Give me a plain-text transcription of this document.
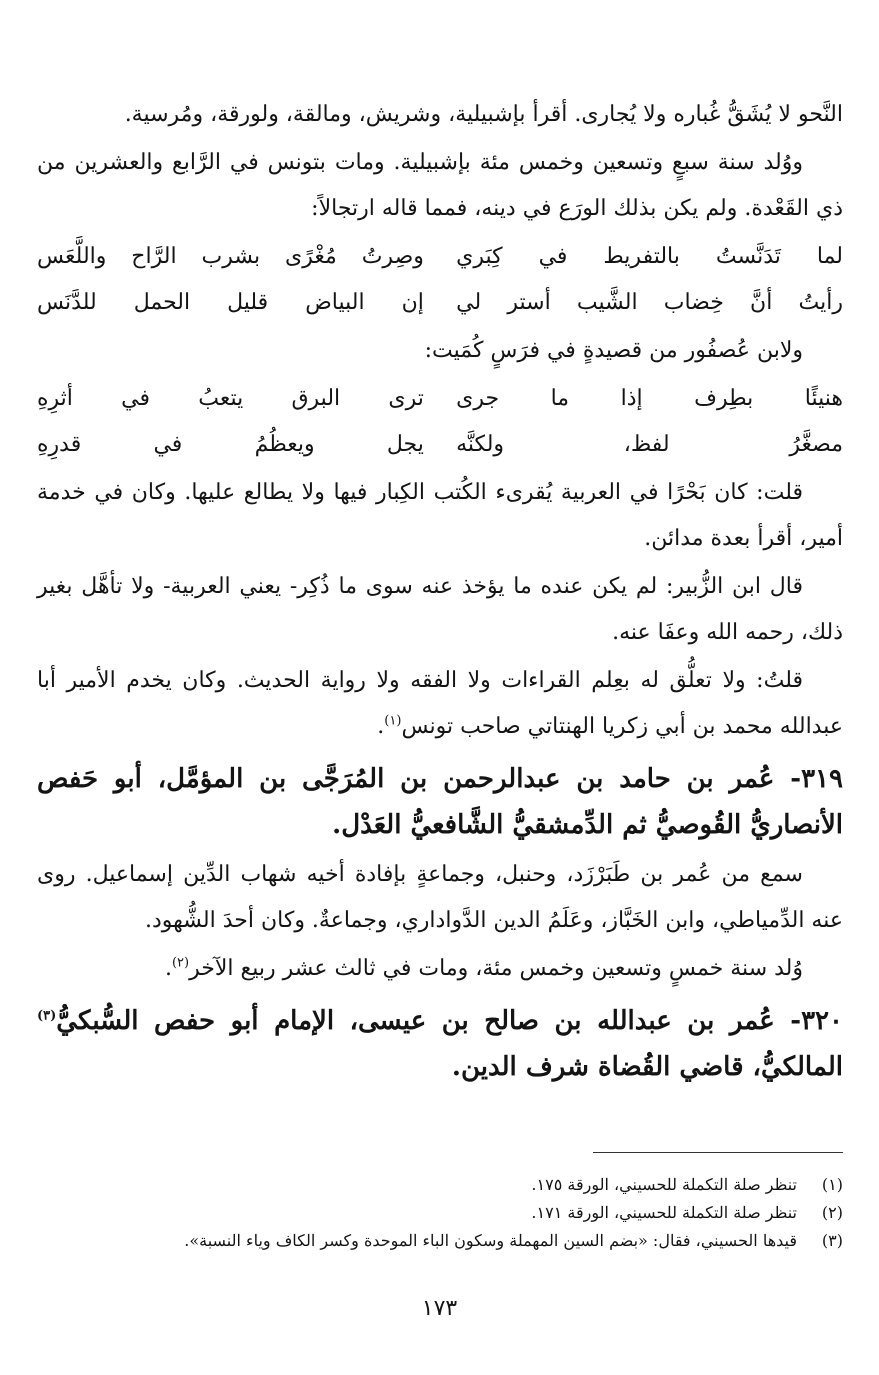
النَّحو لا يُشَقُّ غُباره ولا يُجارى. أقرأ بإشبيلية، وشريش، ومالقة، ولورقة، ومُرسية.

ووُلد سنة سبعٍ وتسعين وخمس مئة بإشبيلية. ومات بتونس في الرَّابع والعشرين من ذي القَعْدة. ولم يكن بذلك الورَع في دينه، فمما قاله ارتجالاً:

لما تَدَنَّستُ بالتفريط في كِبَري
وصِرتُ مُغْرًى بشرب الرَّاح واللَّعَس
رأيتُ أنَّ خِضاب الشَّيب أستر لي
إن البياض قليل الحمل للدَّنَس

ولابن عُصفُور من قصيدةٍ في فرَسٍ كُمَيت:

هنيئًا بطِرف إذا ما جرى
ترى البرق يتعبُ في أثرِهِ
مصغَّرُ لفظ، ولكنَّه
يجل ويعظُمُ في قدرِهِ

قلت: كان بَحْرًا في العربية يُقرىء الكُتب الكِبار فيها ولا يطالع عليها. وكان في خدمة أمير، أقرأ بعدة مدائن.

قال ابن الزُّبير: لم يكن عنده ما يؤخذ عنه سوى ما ذُكِر- يعني العربية- ولا تأهَّل بغير ذلك، رحمه الله وعفَا عنه.

قلتُ: ولا تعلُّق له بعِلم القراءات ولا الفقه ولا رواية الحديث. وكان يخدم الأمير أبا عبدالله محمد بن أبي زكريا الهنتاتي صاحب تونس$^{(١)}$.

٣١٩- عُمر بن حامد بن عبدالرحمن بن المُرَجَّى بن المؤمَّل، أبو حَفص الأنصاريُّ القُوصيُّ ثم الدِّمشقيُّ الشَّافعيُّ العَدْل.

سمع من عُمر بن طَبَرْزَد، وحنبل، وجماعةٍ بإفادة أخيه شهاب الدِّين إسماعيل. روى عنه الدِّمياطي، وابن الخَبَّاز، وعَلَمُ الدين الدَّواداري، وجماعةٌ. وكان أحدَ الشُّهود.

وُلد سنة خمسٍ وتسعين وخمس مئة، ومات في ثالث عشر ربيع الآخر$^{(٢)}$.

٣٢٠- عُمر بن عبدالله بن صالح بن عيسى، الإمام أبو حفص السُّبكيُّ$^{(٣)}$ المالكيُّ، قاضي القُضاة شرف الدين.

(١)
تنظر صلة التكملة للحسيني، الورقة ١٧٥.
(٢)
تنظر صلة التكملة للحسيني، الورقة ١٧١.
(٣)
قيدها الحسيني، فقال: «بضم السين المهملة وسكون الباء الموحدة وكسر الكاف وياء النسبة».
١٧٣
